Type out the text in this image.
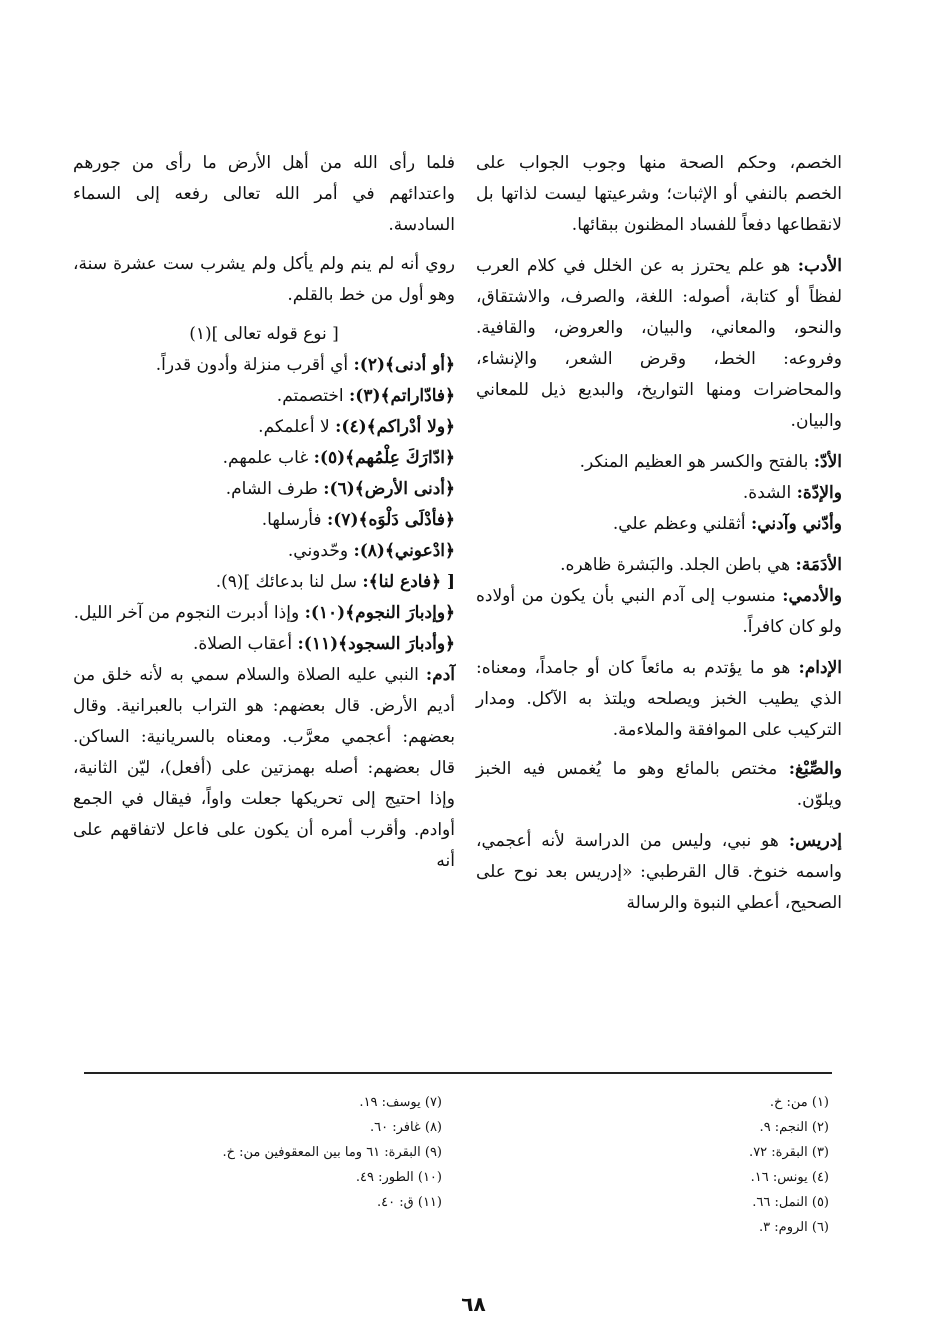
الخصم، وحكم الصحة منها وجوب الجواب على الخصم بالنفي أو الإثبات؛ وشرعيتها ليست لذاتها بل لانقطاعها دفعاً للفساد المظنون ببقائها.

الأدب: هو علم يحترز به عن الخلل في كلام العرب لفظاً أو كتابة، أصوله: اللغة، والصرف، والاشتقاق، والنحو، والمعاني، والبيان، والعروض، والقافية. وفروعه: الخط، وقرض الشعر، والإنشاء، والمحاضرات ومنها التواريخ، والبديع ذيل للمعاني والبيان.

الأدّ: بالفتح والكسر هو العظيم المنكر.

والإدّة: الشدة.

وأدّني وآدني: أثقلني وعظم علي.

الأدَمَة: هي باطن الجلد. والبَشرة ظاهره.

والأدمي: منسوب إلى آدم النبي بأن يكون من أولاده ولو كان كافراً.

الإدام: هو ما يؤتدم به مائعاً كان أو جامداً، ومعناه: الذي يطيب الخبز ويصلحه ويلتذ به الآكل. ومدار التركيب على الموافقة والملاءمة.

والصِّبْغ: مختص بالمائع وهو ما يُغمس فيه الخبز ويلوّن.

إدريس: هو نبي، وليس من الدراسة لأنه أعجمي، واسمه خنوخ. قال القرطبي: «إدريس بعد نوح على الصحيح، أعطي النبوة والرسالة

فلما رأى الله من أهل الأرض ما رأى من جورهم واعتدائهم في أمر الله تعالى رفعه إلى السماء السادسة.

روي أنه لم ينم ولم يأكل ولم يشرب ست عشرة سنة، وهو أول من خط بالقلم.

[ نوع قوله تعالى ](١)
﴿أو أدنى﴾(٢): أي أقرب منزلة وأدون قدراً.
﴿فادّاراتم﴾(٣): اختصمتم.
﴿ولا أدْراكم﴾(٤): لا أعلمكم.
﴿ادّارَكَ عِلْمُهم﴾(٥): غاب علمهم.
﴿أدنى الأرض﴾(٦): طرف الشام.
﴿فأدْلَى دَلْوَه﴾(٧): فأرسلها.
﴿ادْعوني﴾(٨): وحّدوني.
[ ﴿فادع لنا﴾: سل لنا بدعائك ](٩).
﴿وإدبارَ النجوم﴾(١٠): وإذا أدبرت النجوم من آخر الليل.
﴿وأدبارَ السجود﴾(١١): أعقاب الصلاة.

آدم: النبي عليه الصلاة والسلام سمي به لأنه خلق من أديم الأرض. قال بعضهم: هو التراب بالعبرانية. وقال بعضهم: أعجمي معرَّب. ومعناه بالسريانية: الساكن. قال بعضهم: أصله بهمزتين على (أفعل)، ليّن الثانية، وإذا احتيج إلى تحريكها جعلت واواً، فيقال في الجمع أوادم. وأقرب أمره أن يكون على فاعل لاتفاقهم على أنه

(١) من: خ.
(٢) النجم: ٩.
(٣) البقرة: ٧٢.
(٤) يونس: ١٦.
(٥) النمل: ٦٦.
(٦) الروم: ٣.
(٧) يوسف: ١٩.
(٨) غافر: ٦٠.
(٩) البقرة: ٦١ وما بين المعقوفين من: خ.
(١٠) الطور: ٤٩.
(١١) ق: ٤٠.
٦٨
